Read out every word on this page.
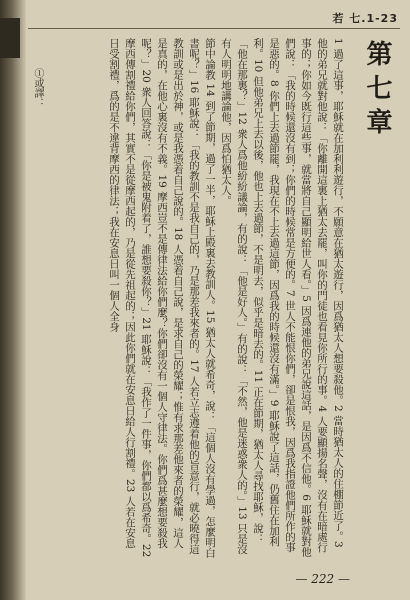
若 七.1-23
第七章

1 過了這事，耶穌就在加利利遊行，不願意在猶太遊行，因爲猶太人想要殺他。2 當時猶太人的住棚節近了。3 他的弟兄就對他說：「你離開這裏上猶太去罷，叫你的門徒也看見你所行的事。4 人要顯揚名聲，沒有在暗處行事的；你如今既行這些事，就當將自己顯明給世人看。」5 因爲連他的弟兄說這話，是因爲不信他。6 耶穌就對他們說：「我的時候還沒有到；你們的時候常是方便的。7 世人不能恨你們，卻是恨我，因爲我指證他們所作的事是惡的。8 你們上去過節罷，我現在不上去過這節，因爲我的時候還沒有滿。」9 耶穌說了這話，仍舊住在加利利。10 但他弟兄上去以後，他也上去過節，不是明去，似乎是暗去的。11 正在節期，猶太人尋找耶穌，說：「他在那裏？」12 衆人爲他紛紛議論，有的說：「他是好人。」有的說：「不然，他是迷惑衆人的。」13 只是沒有人明明地講論他，因爲怕猶太人。

節中論教 14 到了節期，過了一半，耶穌上殿裏去教訓人。15 猶太人就希奇，說：「這個人沒有學過，怎麼明白書呢？」16 耶穌說：「我的教訓不是我自己的，乃是那差我來者的。17 人若立志遵着他的旨意行，就必曉得這教訓或是出於神，或是我憑着自己說的。18 人憑着自己說，是求自己的榮耀；惟有求那差他來者的榮耀，這人是真的，在他心裏沒有不義。19 摩西豈不是傳律法給你們麼？你們卻沒有一個人守律法。你們爲甚麼想要殺我呢？」20 衆人回答說：「你是被鬼附着了，誰想要殺你？」21 耶穌說：「我作了一件事，你們都以爲希奇。22 摩西傳割禮給你們，其實不是從摩西起的，乃是從先祖起的；因此你們就在安息日給人行割禮。23 人若在安息日受割禮，爲的是不違背摩西的律法；我在安息日叫一個人全身

①或譯：
— 222 —
